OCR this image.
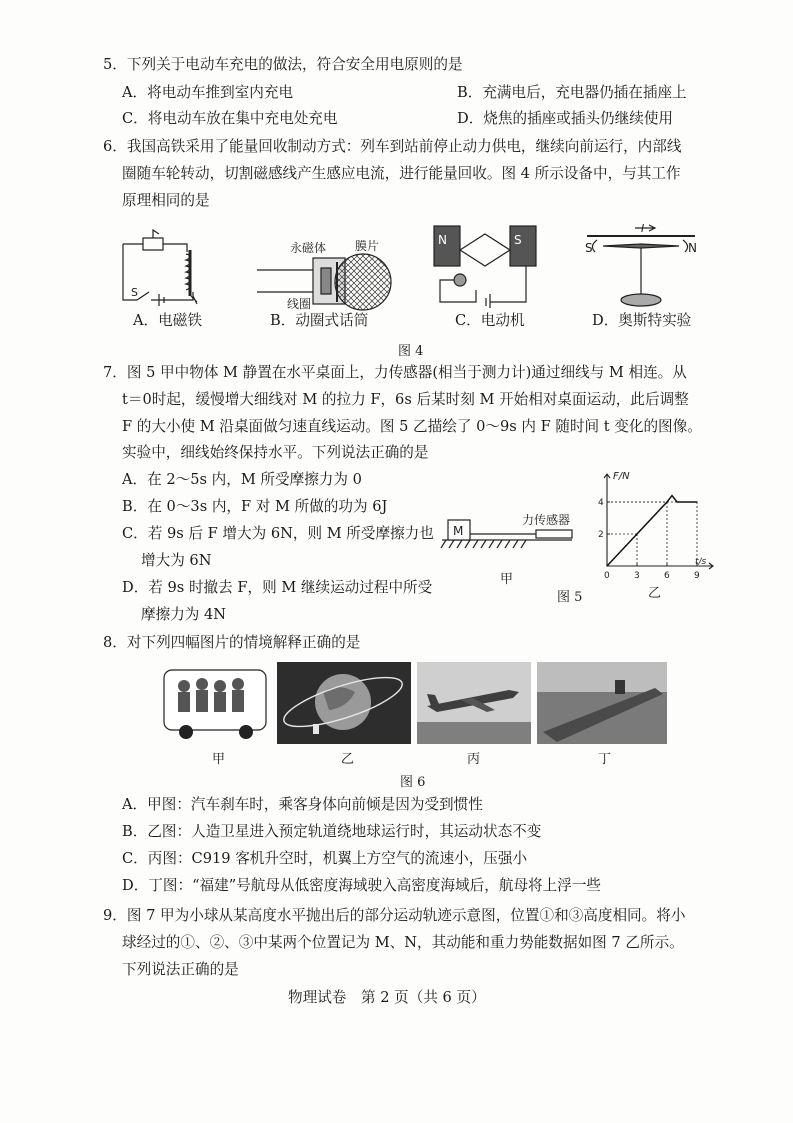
5．下列关于电动车充电的做法，符合安全用电原则的是
A．将电动车推到室内充电	B．充满电后，充电器仍插在插座上
C．将电动车放在集中充电处充电	D．烧焦的插座或插头仍继续使用
6．我国高铁采用了能量回收制动方式：列车到站前停止动力供电，继续向前运行，内部线
圈随车轮转动，切割磁感线产生感应电流，进行能量回收。图 4 所示设备中，与其工作
原理相同的是
S
永磁体 膜片
线圈
N	S
I
S	N
A．电磁铁	B．动圈式话筒	C．电动机	D．奥斯特实验
图 4
7．图 5 甲中物体 M 静置在水平桌面上，力传感器(相当于测力计)通过细线与 M 相连。从
t＝0时起，缓慢增大细线对 M 的拉力 F，6s 后某时刻 M 开始相对桌面运动，此后调整
F 的大小使 M 沿桌面做匀速直线运动。图 5 乙描绘了 0～9s 内 F 随时间 t 变化的图像。
实验中，细线始终保持水平。下列说法正确的是
A．在 2～5s 内，M 所受摩擦力为 0
B．在 0～3s 内，F 对 M 所做的功为 6J
C．若 9s 后 F 增大为 6N，则 M 所受摩擦力也
增大为 6N
D．若 9s 时撤去 F，则 M 继续运动过程中所受
摩擦力为 4N
M
力传感器
甲
F/N
t/s
0	3	6	9
2
4
乙
图 5
8．对下列四幅图片的情境解释正确的是
甲	乙	丙	丁
图 6
A．甲图：汽车刹车时，乘客身体向前倾是因为受到惯性
B．乙图：人造卫星进入预定轨道绕地球运行时，其运动状态不变
C．丙图：C919 客机升空时，机翼上方空气的流速小，压强小
D．丁图：“福建”号航母从低密度海域驶入高密度海域后，航母将上浮一些
9．图 7 甲为小球从某高度水平抛出后的部分运动轨迹示意图，位置①和③高度相同。将小
球经过的①、②、③中某两个位置记为 M、N，其动能和重力势能数据如图 7 乙所示。
下列说法正确的是
物理试卷　第 2 页（共 6 页）
